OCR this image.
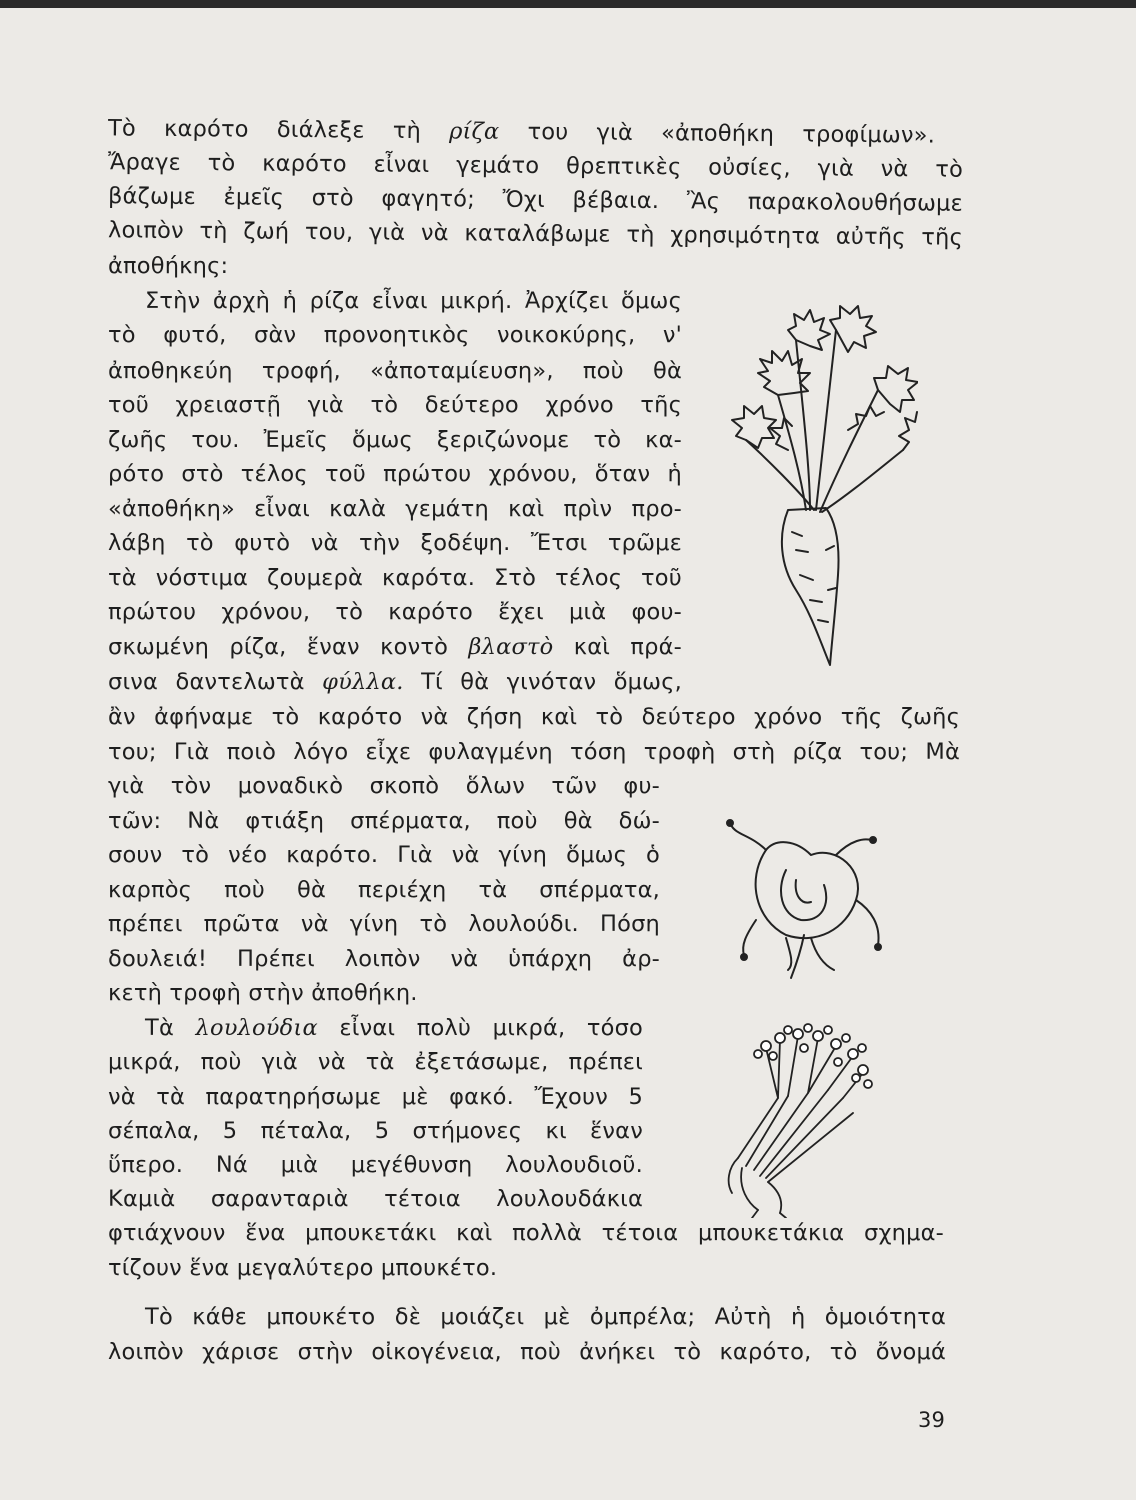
Τὸ καρότο διάλεξε τὴ ρίζα του γιὰ «ἀποθήκη τροφίμων».

Ἄραγε τὸ καρότο εἶναι γεμάτο θρεπτικὲς οὐσίες, γιὰ νὰ τὸ

βάζωμε ἐμεῖς στὸ φαγητό; Ὄχι βέβαια. Ἂς παρακολουθήσωμε

λοιπὸν τὴ ζωή του, γιὰ νὰ καταλάβωμε τὴ χρησιμότητα αὐτῆς τῆς

ἀποθήκης:

Στὴν ἀρχὴ ἡ ρίζα εἶναι μικρή. Ἀρχίζει ὅμως

τὸ φυτό, σὰν προνοητικὸς νοικοκύρης, ν'

ἀποθηκεύη τροφή, «ἀποταμίευση», ποὺ θὰ

τοῦ χρειαστῇ γιὰ τὸ δεύτερο χρόνο τῆς

ζωῆς του. Ἐμεῖς ὅμως ξεριζώνομε τὸ κα-

ρότο στὸ τέλος τοῦ πρώτου χρόνου, ὅταν ἡ

«ἀποθήκη» εἶναι καλὰ γεμάτη καὶ πρὶν προ-

λάβη τὸ φυτὸ νὰ τὴν ξοδέψη. Ἔτσι τρῶμε

τὰ νόστιμα ζουμερὰ καρότα. Στὸ τέλος τοῦ

πρώτου χρόνου, τὸ καρότο ἔχει μιὰ φου-

σκωμένη ρίζα, ἕναν κοντὸ βλαστὸ καὶ πρά-

σινα δαντελωτὰ φύλλα. Τί θὰ γινόταν ὅμως,

ἂν ἀφήναμε τὸ καρότο νὰ ζήση καὶ τὸ δεύτερο χρόνο τῆς ζωῆς

του; Γιὰ ποιὸ λόγο εἶχε φυλαγμένη τόση τροφὴ στὴ ρίζα του; Μὰ

γιὰ τὸν μοναδικὸ σκοπὸ ὅλων τῶν φυ-

τῶν: Νὰ φτιάξη σπέρματα, ποὺ θὰ δώ-

σουν τὸ νέο καρότο. Γιὰ νὰ γίνη ὅμως ὁ

καρπὸς ποὺ θὰ περιέχη τὰ σπέρματα,

πρέπει πρῶτα νὰ γίνη τὸ λουλούδι. Πόση

δουλειά! Πρέπει λοιπὸν νὰ ὑπάρχη ἀρ-

κετὴ τροφὴ στὴν ἀποθήκη.

Τὰ λουλούδια εἶναι πολὺ μικρά, τόσο

μικρά, ποὺ γιὰ νὰ τὰ ἐξετάσωμε, πρέπει

νὰ τὰ παρατηρήσωμε μὲ φακό. Ἔχουν 5

σέπαλα, 5 πέταλα, 5 στήμονες κι ἕναν

ὕπερο. Νά μιὰ μεγέθυνση λουλουδιοῦ.

Καμιὰ σαρανταριὰ τέτοια λουλουδάκια

φτιάχνουν ἕνα μπουκετάκι καὶ πολλὰ τέτοια μπουκετάκια σχημα-

τίζουν ἕνα μεγαλύτερο μπουκέτο.

Τὸ κάθε μπουκέτο δὲ μοιάζει μὲ ὀμπρέλα; Αὐτὴ ἡ ὁμοιότητα

λοιπὸν χάρισε στὴν οἰκογένεια, ποὺ ἀνήκει τὸ καρότο, τὸ ὄνομά

39
